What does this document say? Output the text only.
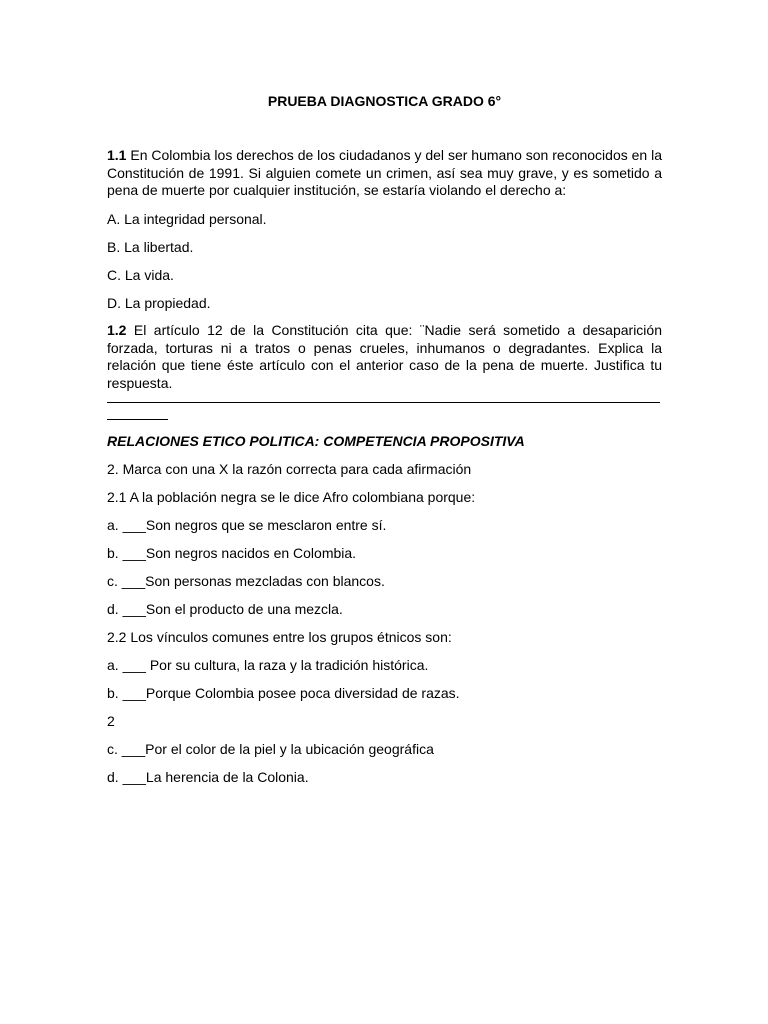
PRUEBA DIAGNOSTICA GRADO 6°
1.1 En Colombia los derechos de los ciudadanos y del ser humano son reconocidos en la Constitución de 1991. Si alguien comete un crimen, así sea muy grave, y es sometido a pena de muerte por cualquier institución, se estaría violando el derecho a:
A. La integridad personal.
B. La libertad.
C. La vida.
D. La propiedad.
1.2 El artículo 12 de la Constitución cita que: ¨Nadie será sometido a desaparición forzada, torturas ni a tratos o penas crueles, inhumanos o degradantes. Explica la relación que tiene éste artículo con el anterior caso de la pena de muerte. Justifica tu respuesta.
RELACIONES ETICO POLITICA: COMPETENCIA PROPOSITIVA
2. Marca con una X la razón correcta para cada afirmación
2.1 A la población negra se le dice Afro colombiana porque:
a. ___Son negros que se mesclaron entre sí.
b. ___Son negros nacidos en Colombia.
c. ___Son personas mezcladas con blancos.
d. ___Son el producto de una mezcla.
2.2 Los vínculos comunes entre los grupos étnicos son:
a. ___ Por su cultura, la raza y la tradición histórica.
b. ___Porque Colombia posee poca diversidad de razas.
2
c. ___Por el color de la piel y la ubicación geográfica
d. ___La herencia de la Colonia.
